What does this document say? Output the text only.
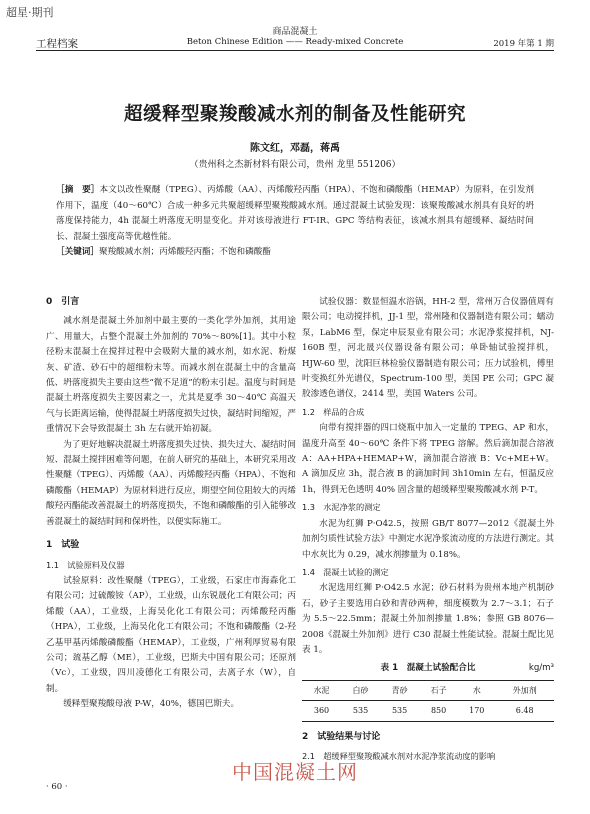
超星·期刊
商品混凝土
Beton Chinese Edition —— Ready-mixed Concrete
工程档案	2019 年第 1 期
超缓释型聚羧酸减水剂的制备及性能研究
陈文红，邓磊，蒋禹
（贵州科之杰新材料有限公司，贵州 龙里 551206）
［摘　要］本文以改性聚醚（TPEG）、丙烯酸（AA）、丙烯酸羟丙酯（HPA）、不饱和磷酸酯（HEMAP）为原料，在引发剂作用下，温度（40～60℃）合成一种多元共聚超缓释型聚羧酸减水剂。通过混凝土试验发现：该聚羧酸减水剂具有良好的坍落度保持能力，4h 混凝土坍落度无明显变化。并对该母液进行 FT-IR、GPC 等结构表征，该减水剂具有超缓释、凝结时间长、混凝土强度高等优越性能。
［关键词］聚羧酸减水剂；丙烯酸羟丙酯；不饱和磷酸酯
0　引言

减水剂是混凝土外加剂中最主要的一类化学外加剂，其用途广、用量大，占整个混凝土外加剂的 70%～80%[1]。其中小粒径粉末混凝土在搅拌过程中会吸附大量的减水剂，如水泥、粉煤灰、矿渣、砂石中的超细粉末等。而减水剂在混凝土中的含量高低、坍落度损失主要由这些“微不足道”的粉末引起。温度与时间是混凝土坍落度损失主要因素之一，尤其是夏季 30～40℃ 高温天气与长距离运输，使得混凝土坍落度损失过快，凝结时间缩短，严重情况下会导致混凝土 3h 左右就开始初凝。

为了更好地解决混凝土坍落度损失过快、损失过大、凝结时间短、混凝土搅拌困难等问题，在前人研究的基础上，本研究采用改性聚醚（TPEG）、丙烯酸（AA）、丙烯酸羟丙酯（HPA）、不饱和磷酸酯（HEMAP）为原材料进行反应，期望空间位阻较大的丙烯酸羟丙酯能改善混凝土的坍落度损失，不饱和磷酸酯的引入能够改善混凝土的凝结时间和保坍性，以便实际施工。

1　试验
1.1　试验原料及仪器

试验原料：改性聚醚（TPEG），工业级，石家庄市海森化工有限公司；过硫酸铵（AP），工业级，山东锐晟化工有限公司；丙烯酸（AA），工业级，上海吴化化工有限公司；丙烯酸羟丙酯（HPA），工业级，上海吴化化工有限公司；不饱和磷酸酯（2-羟乙基甲基丙烯酸磷酸酯（HEMAP），工业级，广州利厚贸易有限公司；巯基乙醇（ME），工业级，巴斯夫中国有限公司；还原剂（Vc），工业级，四川凌德化工有限公司，去离子水（W），自制。

缓释型聚羧酸母液 P-W，40%，德国巴斯夫。

试验仪器：数显恒温水浴锅，HH-2 型，常州万合仪器值周有限公司；电动搅拌机，JJ-1 型，常州隆和仪器制造有限公司；蠕动泵，LabM6 型，保定申辰泵业有限公司；水泥净浆搅拌机，NJ-160B 型，河北晟兴仪器设备有限公司；单卧轴试验搅拌机，HJW-60 型，沈阳巨林检验仪器制造有限公司；压力试验机，傅里叶变换红外光谱仪，Spectrum-100 型，美国 PE 公司；GPC 凝胶渗透色谱仪，2414 型，美国 Waters 公司。

1.2　样品的合成

向带有搅拌器的四口烧瓶中加入一定量的 TPEG、AP 和水，温度升高至 40～60℃ 条件下将 TPEG 溶解。然后滴加混合溶液 A：AA+HPA+HEMAP+W，滴加混合溶液 B：Vc+ME+W。A 滴加反应 3h，混合液 B 的滴加时间 3h10min 左右，恒温反应 1h，得到无色透明 40% 固含量的超缓释型聚羧酸减水剂 P-T。

1.3　水泥净浆的测定

水泥为红狮 P·O42.5，按照 GB/T 8077—2012《混凝土外加剂匀质性试验方法》中测定水泥净浆流动度的方法进行测定。其中水灰比为 0.29，减水剂掺量为 0.18%。

1.4　混凝土试验的测定

水泥选用红狮 P·O42.5 水泥；砂石材料为贵州本地产机制砂石，砂子主要选用白砂和青砂两种，细度模数为 2.7～3.1；石子为 5.5～22.5mm；混凝土外加剂掺量 1.8%；参照 GB 8076—2008《混凝土外加剂》进行 C30 混凝土性能试验。混凝土配比见表 1。

表 1　混凝土试验配合比	kg/m³
水泥	白砂	青砂	石子	水	外加剂
360	535	535	850	170	6.48
2　试验结果与讨论
2.1　超缓释型聚羧酸减水剂对水泥净浆流动度的影响
· 60 ·
中国混凝土网
